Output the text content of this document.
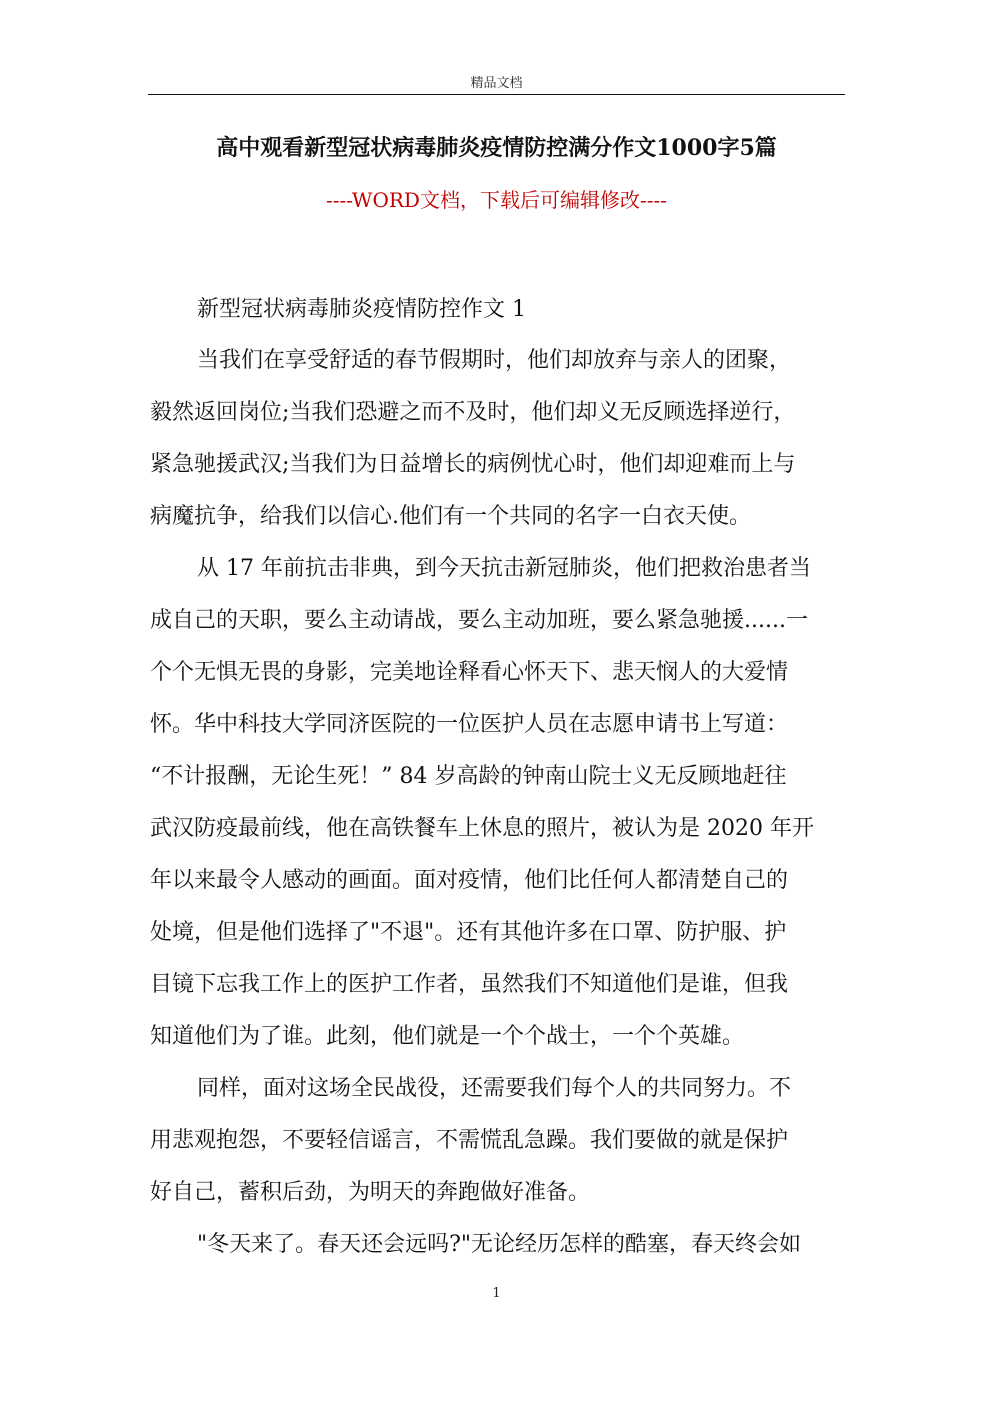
精品文档
高中观看新型冠状病毒肺炎疫情防控满分作文1000字5篇
----WORD文档，下载后可编辑修改----
新型冠状病毒肺炎疫情防控作文 1
当我们在享受舒适的春节假期时，他们却放弃与亲人的团聚，
毅然返回岗位;当我们恐避之而不及时，他们却义无反顾选择逆行，
紧急驰援武汉;当我们为日益增长的病例忧心时，他们却迎难而上与
病魔抗争，给我们以信心.他们有一个共同的名字一白衣天使。
从 17 年前抗击非典，到今天抗击新冠肺炎，他们把救治患者当
成自己的天职，要么主动请战，要么主动加班，要么紧急驰援......一
个个无惧无畏的身影，完美地诠释看心怀天下、悲天悯人的大爱情
怀。华中科技大学同济医院的一位医护人员在志愿申请书上写道：
“不计报酬，无论生死！” 84 岁高龄的钟南山院士义无反顾地赶往
武汉防疫最前线，他在高铁餐车上休息的照片，被认为是 2020 年开
年以来最令人感动的画面。面对疫情，他们比任何人都清楚自己的
处境，但是他们选择了"不退"。还有其他许多在口罩、防护服、护
目镜下忘我工作上的医护工作者，虽然我们不知道他们是谁，但我
知道他们为了谁。此刻，他们就是一个个战士，一个个英雄。
同样，面对这场全民战役，还需要我们每个人的共同努力。不
用悲观抱怨，不要轻信谣言，不需慌乱急躁。我们要做的就是保护
好自己，蓄积后劲，为明天的奔跑做好准备。
"冬天来了。春天还会远吗?"无论经历怎样的酷塞，春天终会如
1
